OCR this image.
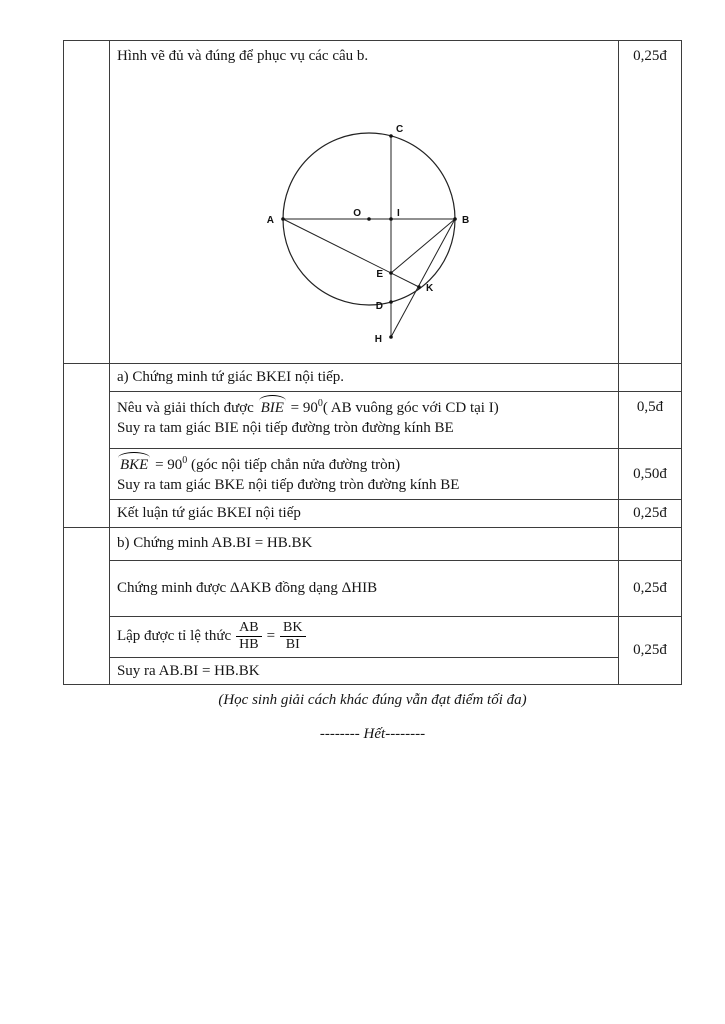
Hình vẽ đủ và đúng để phục vụ các câu b.
A	B
C
O	I
E
K
D
H
	0,25đ
	a) Chứng minh tứ giác BKEI nội tiếp.	

	Nêu và giải thích được BIE = $90^0$( AB vuông góc với CD tại I)
Suy ra tam giác BIE nội tiếp đường tròn đường kính BE	0,5đ

	BKE = $90^0$ (góc nội tiếp chắn nửa đường tròn)
Suy ra tam giác BKE nội tiếp đường tròn đường kính BE	0,50đ
	Kết luận tứ giác BKEI nội tiếp	0,25đ
	b) Chứng minh AB.BI = HB.BK	
	Chứng minh được ΔAKB đồng dạng ΔHIB	0,25đ

Lập được tỉ lệ thức $\frac{AB}{HB} = \frac{BK}{BI}$	0,25đ
	Suy ra AB.BI = HB.BK	
(Học sinh giải cách khác đúng vẫn đạt điểm tối đa)
-------- Hết--------
